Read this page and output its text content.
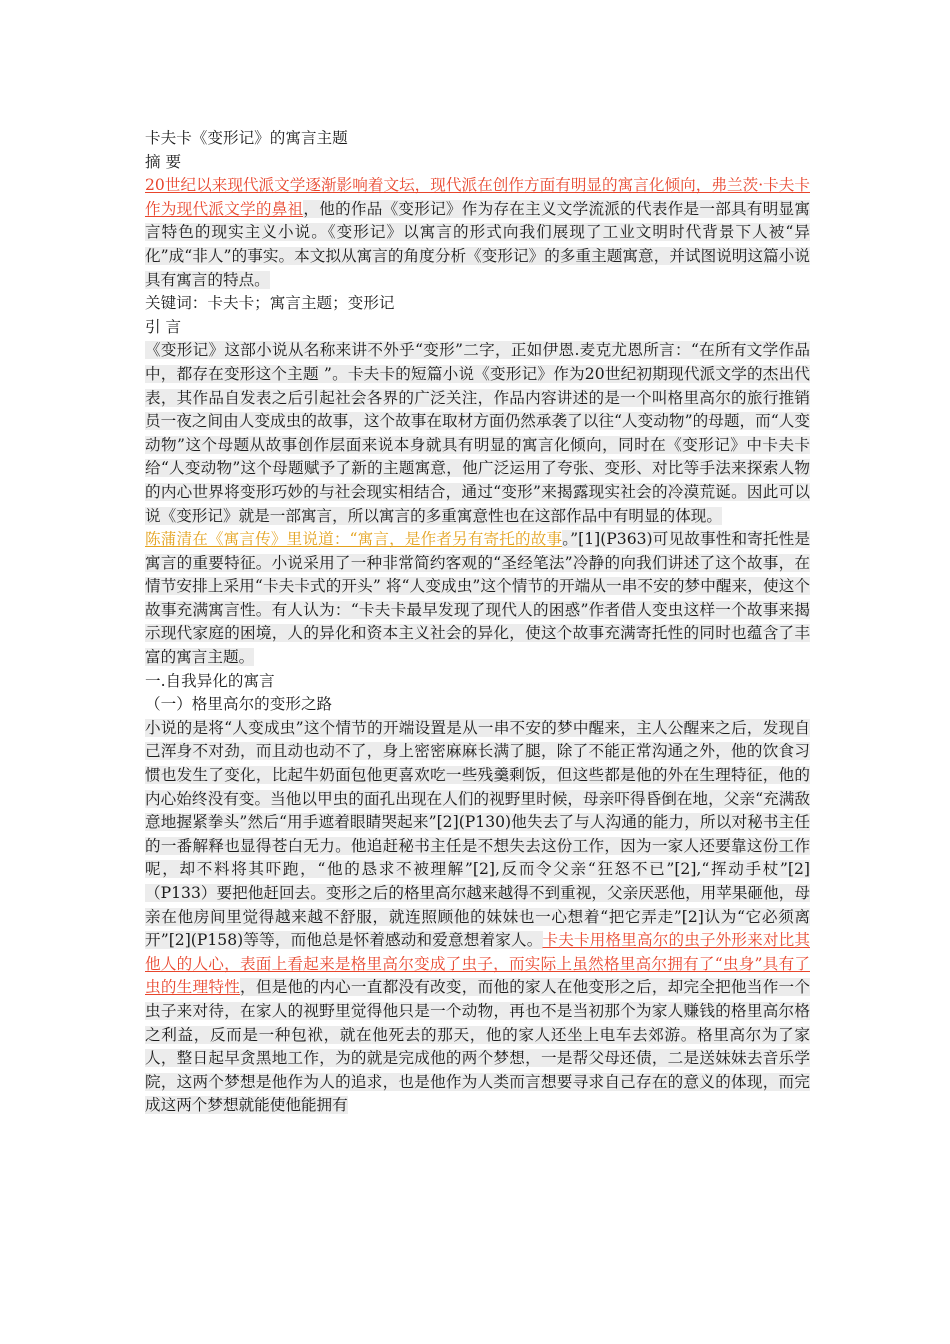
卡夫卡《变形记》的寓言主题

摘 要

20世纪以来现代派文学逐渐影响着文坛，现代派在创作方面有明显的寓言化倾向，弗兰茨·卡夫卡作为现代派文学的鼻祖，他的作品《变形记》作为存在主义文学流派的代表作是一部具有明显寓言特色的现实主义小说。《变形记》以寓言的形式向我们展现了工业文明时代背景下人被“异化”成“非人”的事实。本文拟从寓言的角度分析《变形记》的多重主题寓意，并试图说明这篇小说具有寓言的特点。

关键词：卡夫卡；寓言主题；变形记

引 言

《变形记》这部小说从名称来讲不外乎“变形”二字，正如伊恩.麦克尤恩所言：“在所有文学作品中，都存在变形这个主题 ”。卡夫卡的短篇小说《变形记》作为20世纪初期现代派文学的杰出代表，其作品自发表之后引起社会各界的广泛关注，作品内容讲述的是一个叫格里高尔的旅行推销员一夜之间由人变成虫的故事，这个故事在取材方面仍然承袭了以往“人变动物”的母题，而“人变动物”这个母题从故事创作层面来说本身就具有明显的寓言化倾向，同时在《变形记》中卡夫卡给“人变动物”这个母题赋予了新的主题寓意，他广泛运用了夸张、变形、对比等手法来探索人物的内心世界将变形巧妙的与社会现实相结合，通过“变形”来揭露现实社会的冷漠荒诞。因此可以说《变形记》就是一部寓言，所以寓言的多重寓意性也在这部作品中有明显的体现。

陈蒲清在《寓言传》里说道：“寓言，是作者另有寄托的故事。”[1](P363)可见故事性和寄托性是寓言的重要特征。小说采用了一种非常简约客观的“圣经笔法”冷静的向我们讲述了这个故事，在情节安排上采用“卡夫卡式的开头” 将“人变成虫”这个情节的开端从一串不安的梦中醒来，使这个故事充满寓言性。有人认为：“卡夫卡最早发现了现代人的困惑”作者借人变虫这样一个故事来揭示现代家庭的困境，人的异化和资本主义社会的异化，使这个故事充满寄托性的同时也蕴含了丰富的寓言主题。

一.自我异化的寓言

（一）格里高尔的变形之路

小说的是将“人变成虫”这个情节的开端设置是从一串不安的梦中醒来，主人公醒来之后，发现自己浑身不对劲，而且动也动不了，身上密密麻麻长满了腿，除了不能正常沟通之外，他的饮食习惯也发生了变化，比起牛奶面包他更喜欢吃一些残羹剩饭，但这些都是他的外在生理特征，他的内心始终没有变。当他以甲虫的面孔出现在人们的视野里时候，母亲吓得昏倒在地，父亲“充满敌意地握紧拳头”然后“用手遮着眼睛哭起来”[2](P130)他失去了与人沟通的能力，所以对秘书主任的一番解释也显得苍白无力。他追赶秘书主任是不想失去这份工作，因为一家人还要靠这份工作呢，却不料将其吓跑，“他的恳求不被理解”[2],反而令父亲“狂怒不已”[2],“挥动手杖”[2]（P133）要把他赶回去。变形之后的格里高尔越来越得不到重视，父亲厌恶他，用苹果砸他，母亲在他房间里觉得越来越不舒服，就连照顾他的妹妹也一心想着“把它弄走”[2]认为“它必须离开”[2](P158)等等，而他总是怀着感动和爱意想着家人。卡夫卡用格里高尔的虫子外形来对比其他人的人心，表面上看起来是格里高尔变成了虫子，而实际上虽然格里高尔拥有了“虫身”具有了虫的生理特性，但是他的内心一直都没有改变，而他的家人在他变形之后，却完全把他当作一个虫子来对待，在家人的视野里觉得他只是一个动物，再也不是当初那个为家人赚钱的格里高尔格之利益，反而是一种包袱，就在他死去的那天，他的家人还坐上电车去郊游。格里高尔为了家人，整日起早贪黑地工作，为的就是完成他的两个梦想，一是帮父母还债，二是送妹妹去音乐学院，这两个梦想是他作为人的追求，也是他作为人类而言想要寻求自己存在的意义的体现，而完成这两个梦想就能使他能拥有
